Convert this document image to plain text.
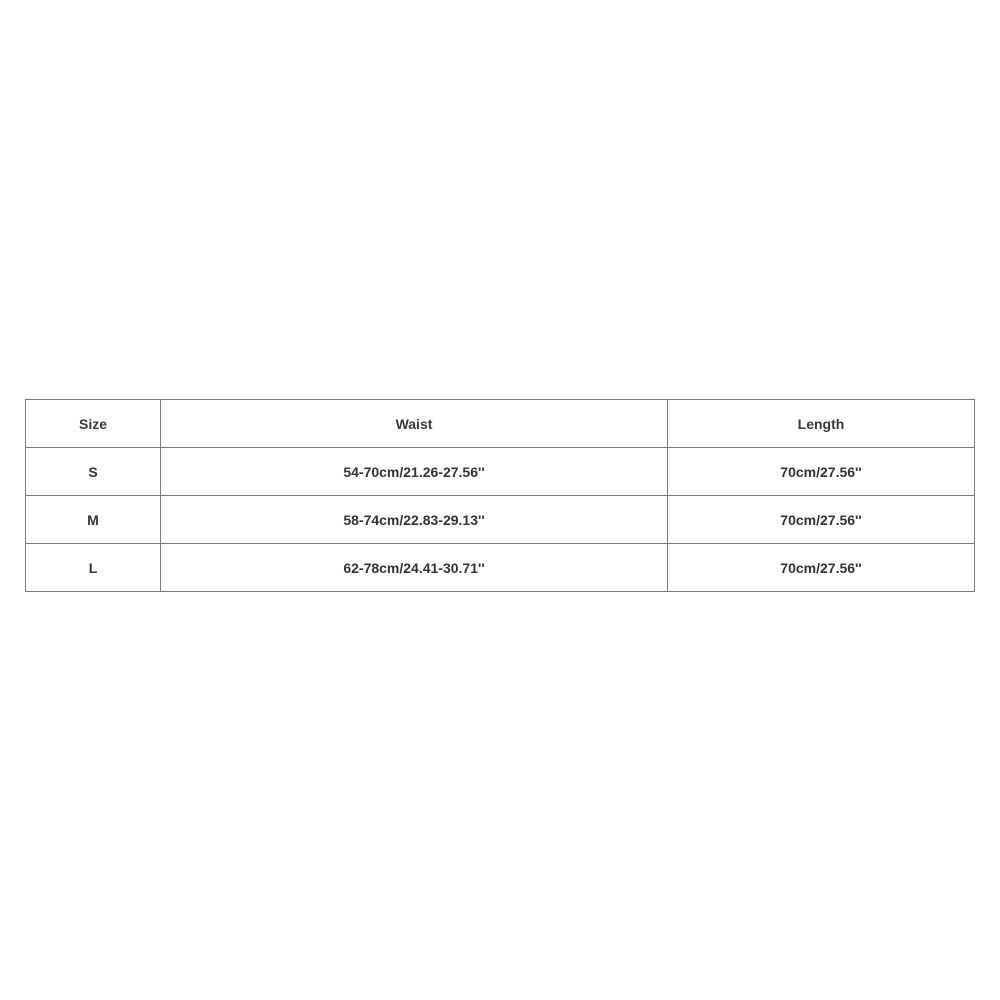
Size	Waist	Length
S	54-70cm/21.26-27.56''	70cm/27.56''
M	58-74cm/22.83-29.13''	70cm/27.56''
L	62-78cm/24.41-30.71''	70cm/27.56''
